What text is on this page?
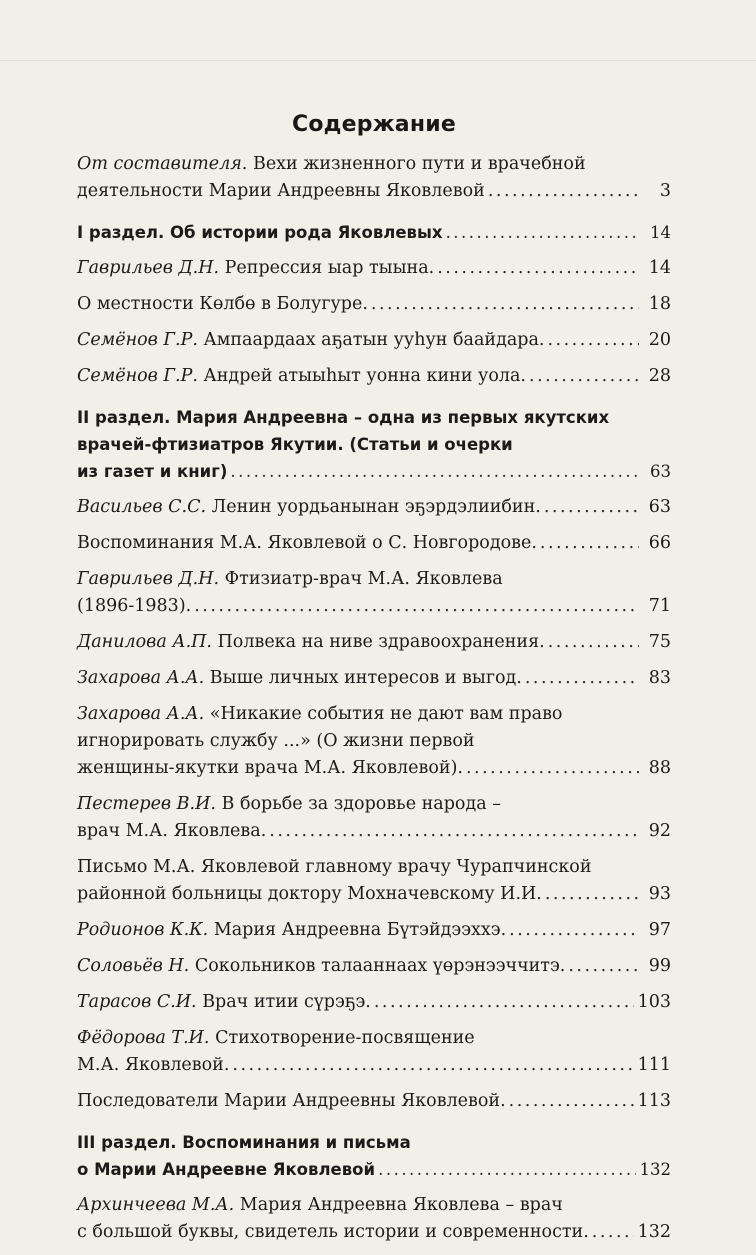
Содержание
От составителя.
Вехи жизненного пути и врачебной
деятельности Марии Андреевны Яковлевой .....	3
I раздел. Об истории рода Яковлевых .....	14
Гаврильев Д.Н.
Репрессия ыар тыына. .....	14
О местности Көлбө в Болугуре. .....	18
Семёнов Г.Р.
Ампаардаах аҕатын ууһун баайдара. .....	20
Семёнов Г.Р.
Андрей атыыһыт уонна кини уола. .....	28
II раздел. Мария Андреевна – одна из первых якутских
врачей-фтизиатров Якутии. (Статьи и очерки
из газет и книг) .....	63
Васильев С.С.
Ленин уордьанынан эҕэрдэлиибин. .....	63
Воспоминания М.А. Яковлевой о С. Новгородове. .....	66
Гаврильев Д.Н.
Фтизиатр-врач М.А. Яковлева
(1896-1983). .....	71
Данилова А.П.
Полвека на ниве здравоохранения. .....	75
Захарова А.А.
Выше личных интересов и выгод. .....	83
Захарова А.А.
«Никакие события не дают вам право
игнорировать службу ...» (О жизни первой
женщины-якутки врача М.А. Яковлевой). .....	88
Пестерев В.И.
В борьбе за здоровье народа –
врач М.А. Яковлева. .....	92
Письмо М.А. Яковлевой главному врачу Чурапчинской
районной больницы доктору Мохначевскому И.И. .....	93
Родионов К.К.
Мария Андреевна Бүтэйдээххэ. .....	97
Соловьёв Н.
Сокольников талааннаах үөрэнээччитэ. .....	99
Тарасов С.И.
Врач итии сүрэҕэ. .....	103
Фёдорова Т.И.
Стихотворение-посвящение
М.А. Яковлевой. .....	111
Последователи Марии Андреевны Яковлевой. .....	113
III раздел. Воспоминания и письма
о Марии Андреевне Яковлевой .....	132
Архинчеева М.А.
Мария Андреевна Яковлева – врач
с большой буквы, свидетель истории и современности. .....	132
